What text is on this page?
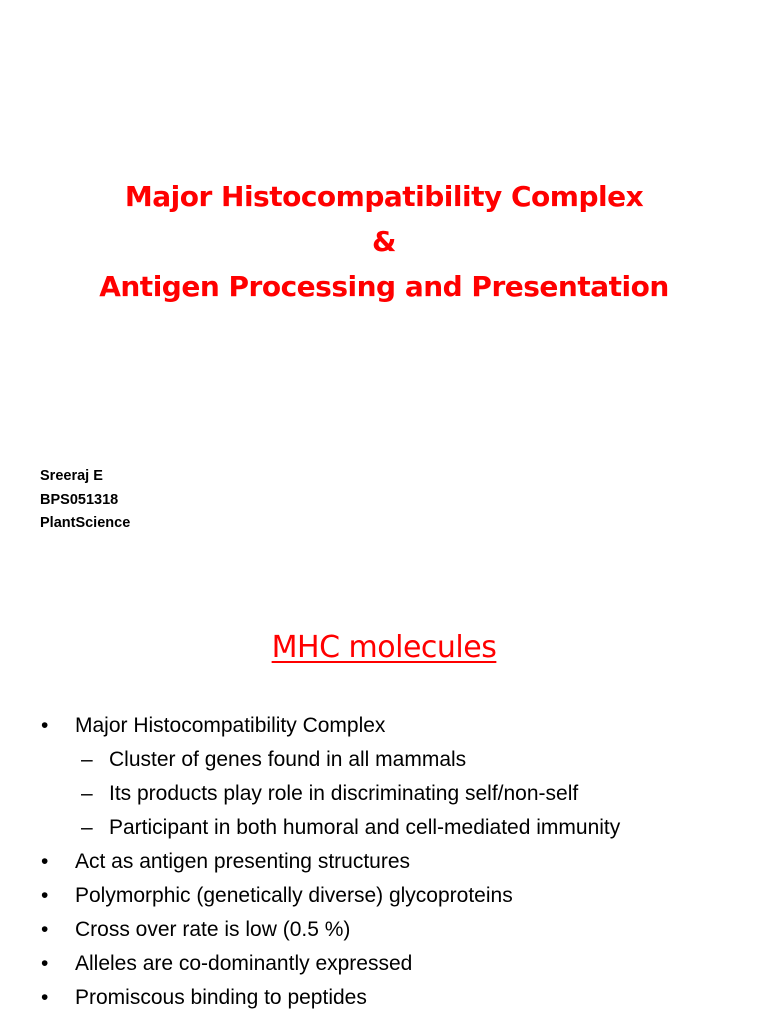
Major Histocompatibility Complex
&
Antigen Processing and Presentation
Sreeraj E
BPS051318
PlantScience
MHC molecules
• Major Histocompatibility Complex
– Cluster of genes found in all mammals
– Its products play role in discriminating self/non-self
– Participant in both humoral and cell-mediated immunity
• Act as antigen presenting structures
• Polymorphic (genetically diverse) glycoproteins
• Cross over rate is low (0.5 %)
• Alleles are co-dominantly expressed
• Promiscous binding to peptides
